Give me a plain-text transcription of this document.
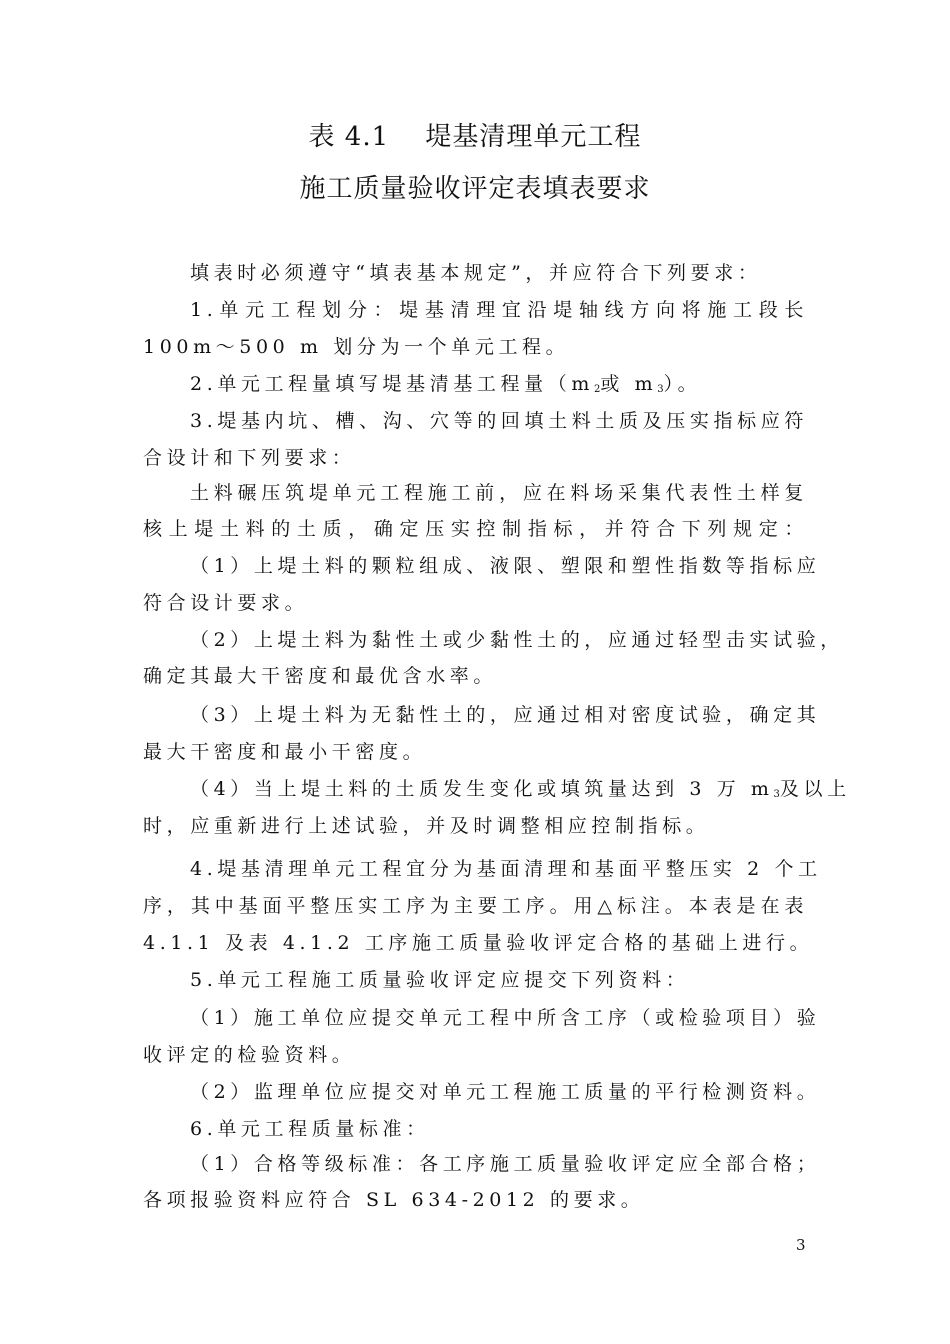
表 4.1　 堤基清理单元工程
施工质量验收评定表填表要求
填表时必须遵守“填表基本规定”，并应符合下列要求：
1.单元工程划分：堤基清理宜沿堤轴线方向将施工段长
100m～500 m 划分为一个单元工程。
2.单元工程量填写堤基清基工程量（$m_2$或 $m_3$）。
3.堤基内坑、槽、沟、穴等的回填土料土质及压实指标应符
合设计和下列要求：
土料碾压筑堤单元工程施工前，应在料场采集代表性土样复
核上堤土料的土质，确定压实控制指标，并符合下列规定：
（1）上堤土料的颗粒组成、液限、塑限和塑性指数等指标应
符合设计要求。
（2）上堤土料为黏性土或少黏性土的，应通过轻型击实试验，
确定其最大干密度和最优含水率。
（3）上堤土料为无黏性土的，应通过相对密度试验，确定其
最大干密度和最小干密度。
（4）当上堤土料的土质发生变化或填筑量达到 3 万 $m_3$及以上
时，应重新进行上述试验，并及时调整相应控制指标。
4.堤基清理单元工程宜分为基面清理和基面平整压实 2 个工
序，其中基面平整压实工序为主要工序。用△标注。本表是在表
4.1.1 及表 4.1.2 工序施工质量验收评定合格的基础上进行。
5.单元工程施工质量验收评定应提交下列资料：
（1）施工单位应提交单元工程中所含工序（或检验项目）验
收评定的检验资料。
（2）监理单位应提交对单元工程施工质量的平行检测资料。
6.单元工程质量标准：
（1）合格等级标准：各工序施工质量验收评定应全部合格；
各项报验资料应符合 SL 634-2012 的要求。
3
